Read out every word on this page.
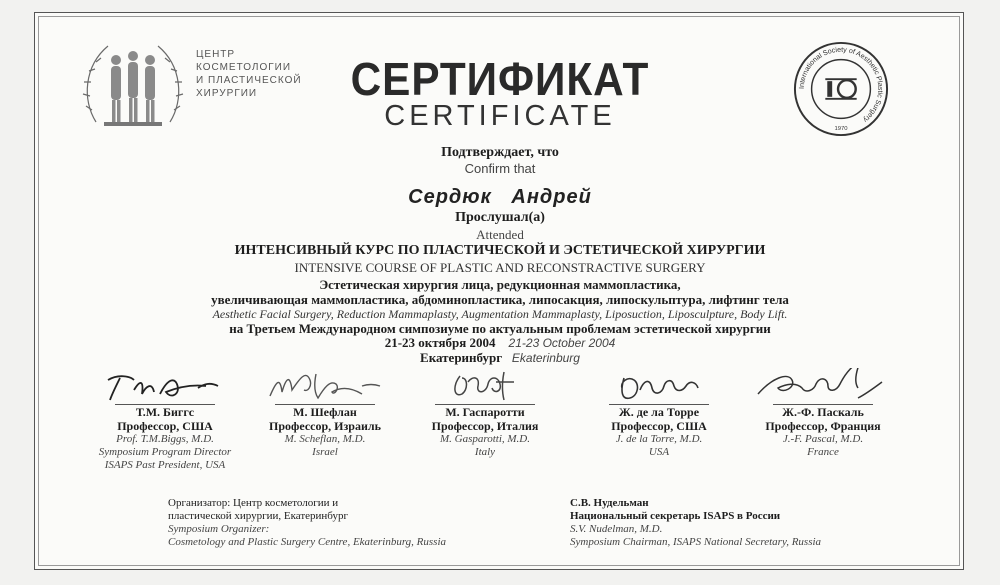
ЦЕНТР
КОСМЕТОЛОГИИ
И ПЛАСТИЧЕСКОЙ
ХИРУРГИИ	International Society of Aesthetic Plastic Surgery
1970
СЕРТИФИКАТ
CERTIFICATE
Подтверждает, что
Confirm that
Сердюк   Андрей
Прослушал(а)
Attended
ИНТЕНСИВНЫЙ КУРС ПО ПЛАСТИЧЕСКОЙ И ЭСТЕТИЧЕСКОЙ ХИРУРГИИ
INTENSIVE COURSE OF PLASTIC AND RECONSTRACTIVE SURGERY
Эстетическая хирургия лица, редукционная маммопластика,
увеличивающая маммопластика, абдоминопластика, липосакция, липоскульптура, лифтинг тела
Aesthetic Facial Surgery, Reduction Mammaplasty, Augmentation Mammaplasty, Liposuction, Liposculpture, Body Lift.
на Третьем Международном симпозиуме по актуальным проблемам эстетической хирургии
21-23 октября 2004 21-23 October 2004
Екатеринбург Ekaterinburg
Т.М. Биггс
Профессор, США
Prof. T.M.Biggs, M.D.
Symposium Program Director
ISAPS Past President, USA
М. Шефлан
Профессор, Израиль
M. Scheflan, M.D.
Israel
М. Гаспаротти
Профессор, Италия
M. Gasparotti, M.D.
Italy
Ж. де ла Торре
Профессор, США
J. de la Torre, M.D.
USA
Ж.-Ф. Паскаль
Профессор, Франция
J.-F. Pascal, M.D.
France
Организатор: Центр косметологии и
пластической хирургии, Екатеринбург
Symposium Organizer:
Cosmetology and Plastic Surgery Centre, Ekaterinburg, Russia
С.В. Нудельман
Национальный секретарь ISAPS в России
S.V. Nudelman, M.D.
Symposium Chairman, ISAPS National Secretary, Russia
